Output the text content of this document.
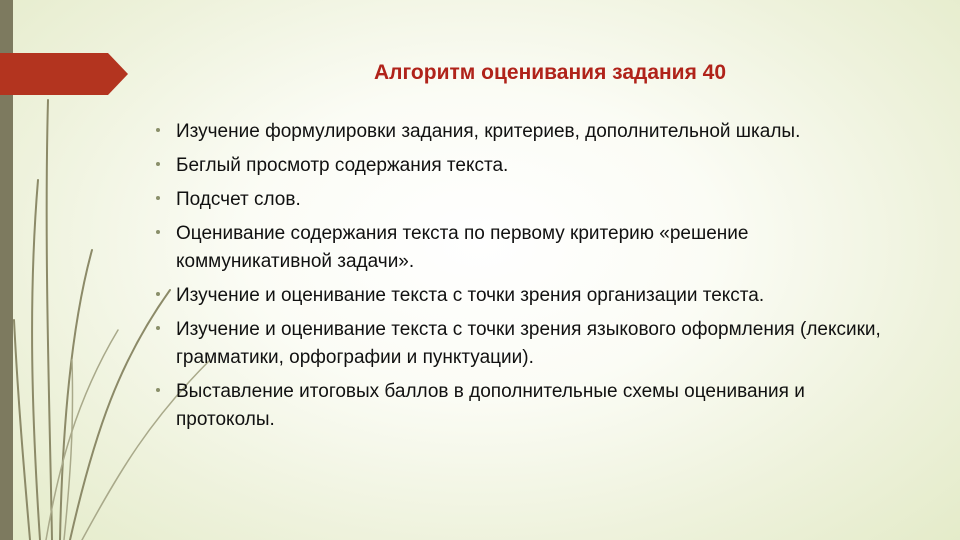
Алгоритм оценивания задания 40
Изучение формулировки задания, критериев, дополнительной шкалы.
Беглый просмотр содержания текста.
Подсчет слов.
Оценивание содержания текста по первому критерию «решение коммуникативной задачи».
Изучение и оценивание текста с точки зрения организации текста.
Изучение и оценивание текста с точки зрения языкового оформления (лексики, грамматики, орфографии и пунктуации).
Выставление итоговых баллов в дополнительные схемы оценивания и протоколы.
